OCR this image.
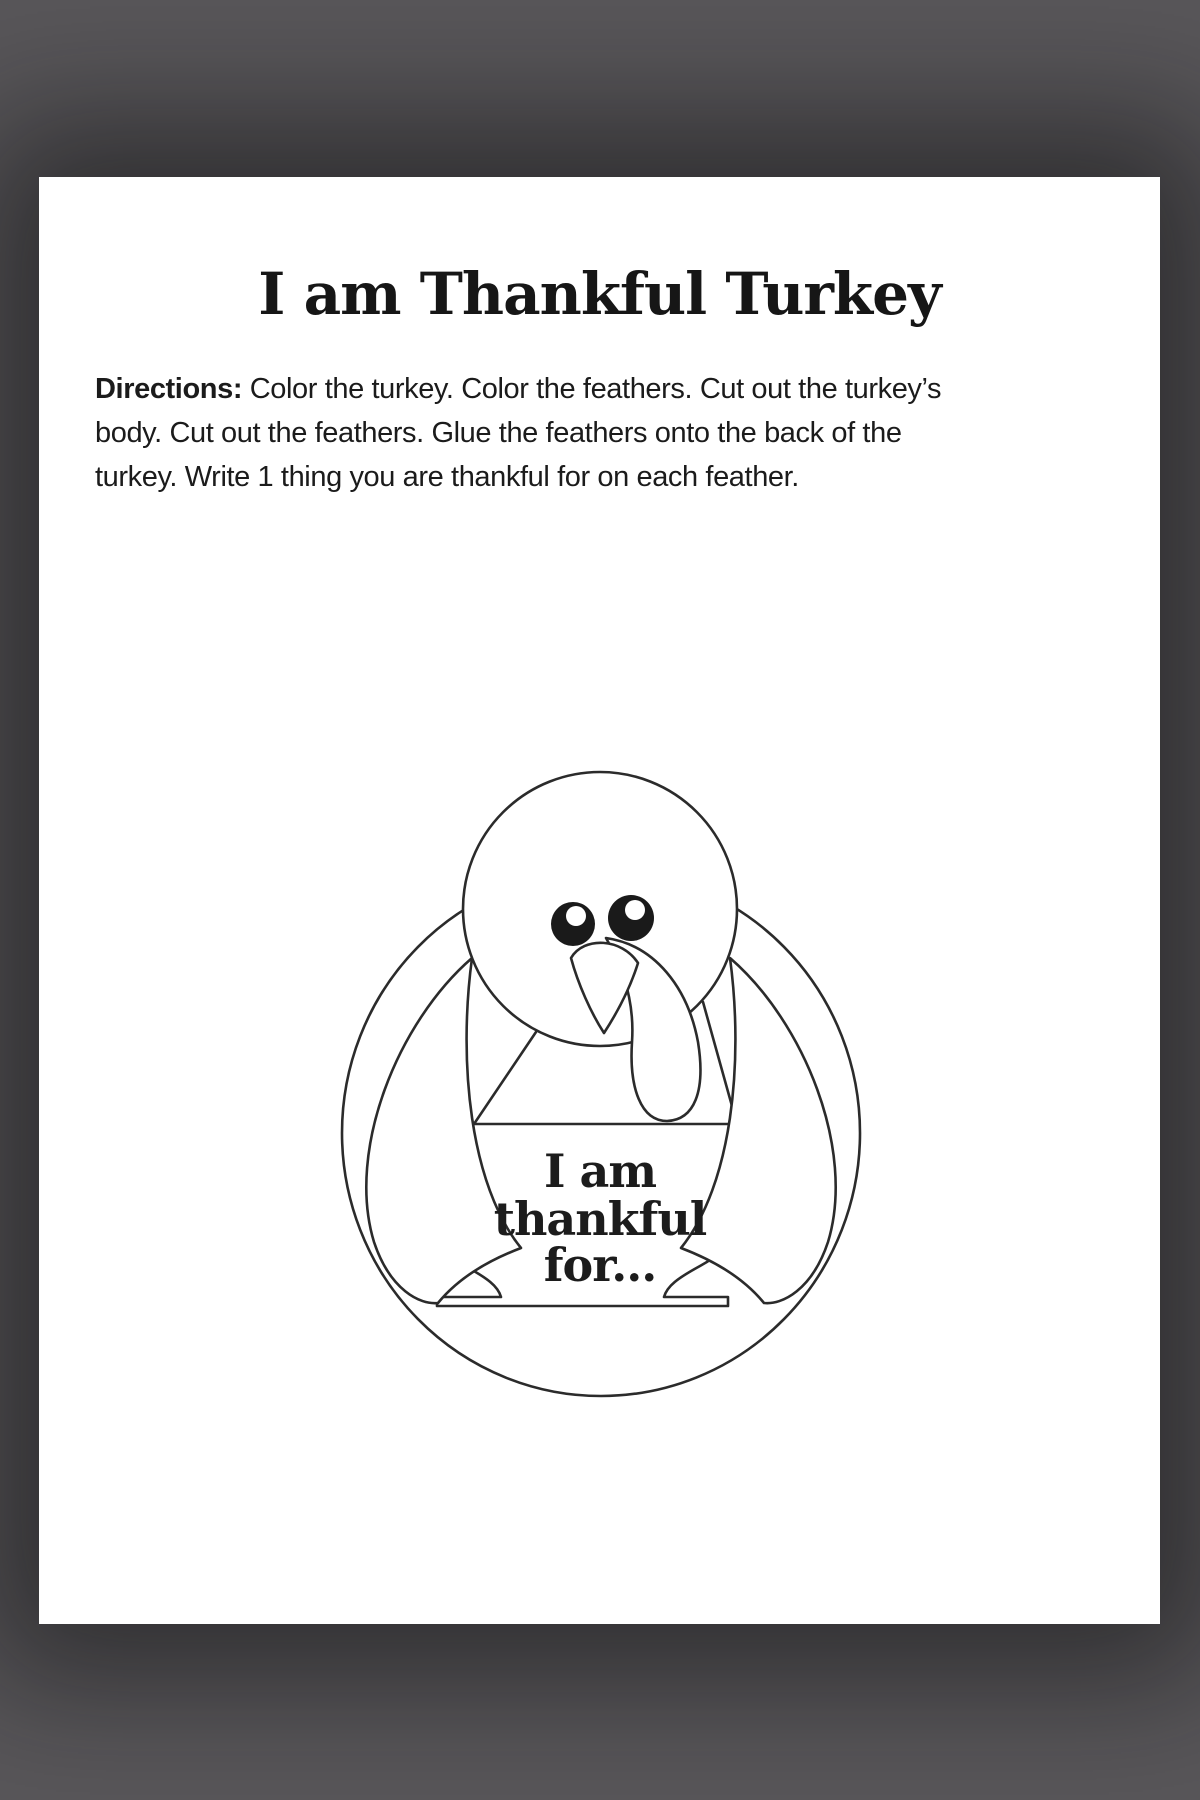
I am Thankful Turkey
Directions: Color the turkey. Color the feathers. Cut out the turkey’s
body. Cut out the feathers. Glue the feathers onto the back of the
turkey. Write 1 thing you are thankful for on each feather.
I am
thankful
for...
